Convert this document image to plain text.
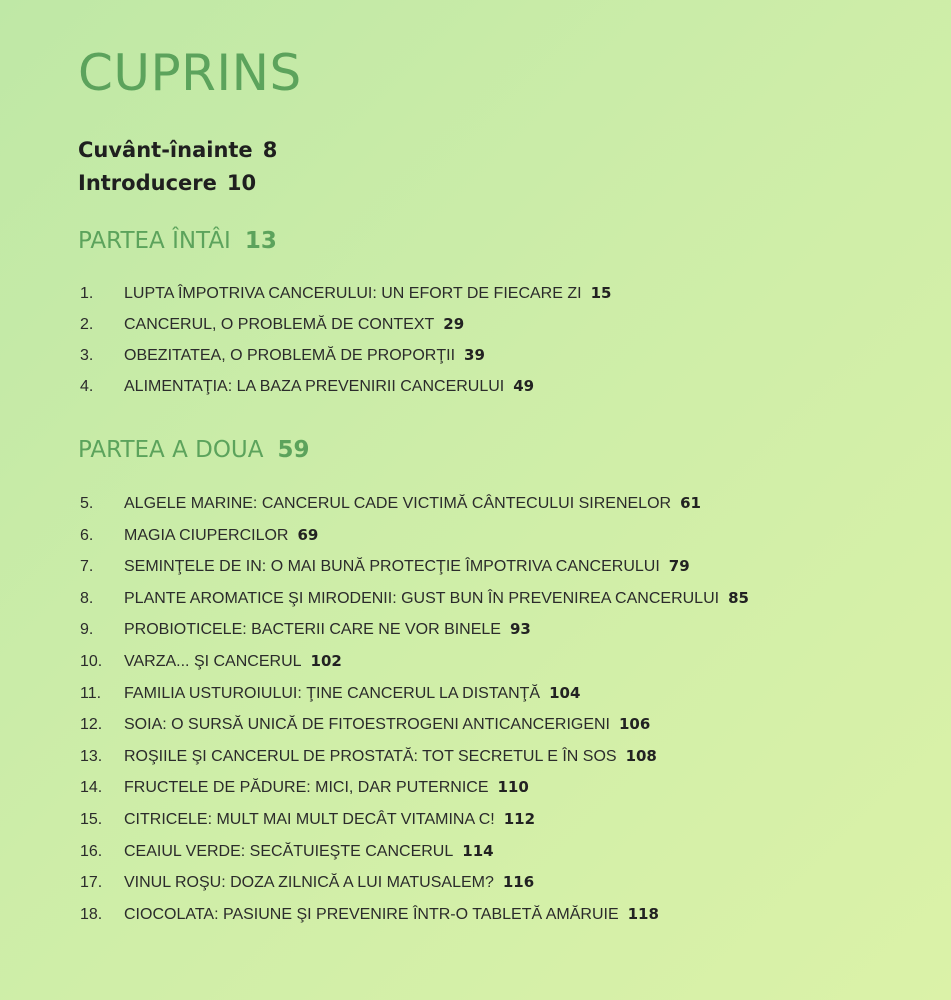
CUPRINS
Cuvânt-înainte 8
Introducere 10
PARTEA ÎNTÂI 13
1.	LUPTA ÎMPOTRIVA CANCERULUI: UN EFORT DE FIECARE ZI 15
2.	CANCERUL, O PROBLEMĂ DE CONTEXT 29
3.	OBEZITATEA, O PROBLEMĂ DE PROPORŢII 39
4.	ALIMENTAŢIA: LA BAZA PREVENIRII CANCERULUI 49
PARTEA A DOUA 59
5.	ALGELE MARINE: CANCERUL CADE VICTIMĂ CÂNTECULUI SIRENELOR 61
6.	MAGIA CIUPERCILOR 69
7.	SEMINŢELE DE IN: O MAI BUNĂ PROTECŢIE ÎMPOTRIVA CANCERULUI 79
8.	PLANTE AROMATICE ŞI MIRODENII: GUST BUN ÎN PREVENIREA CANCERULUI 85
9.	PROBIOTICELE: BACTERII CARE NE VOR BINELE 93
10.	VARZA... ŞI CANCERUL 102
11.	FAMILIA USTUROIULUI: ŢINE CANCERUL LA DISTANŢĂ 104
12.	SOIA: O SURSĂ UNICĂ DE FITOESTROGENI ANTICANCERIGENI 106
13.	ROŞIILE ŞI CANCERUL DE PROSTATĂ: TOT SECRETUL E ÎN SOS 108
14.	FRUCTELE DE PĂDURE: MICI, DAR PUTERNICE 110
15.	CITRICELE: MULT MAI MULT DECÂT VITAMINA C! 112
16.	CEAIUL VERDE: SECĂTUIEŞTE CANCERUL 114
17.	VINUL ROŞU: DOZA ZILNICĂ A LUI MATUSALEM? 116
18.	CIOCOLATA: PASIUNE ŞI PREVENIRE ÎNTR-O TABLETĂ AMĂRUIE 118
